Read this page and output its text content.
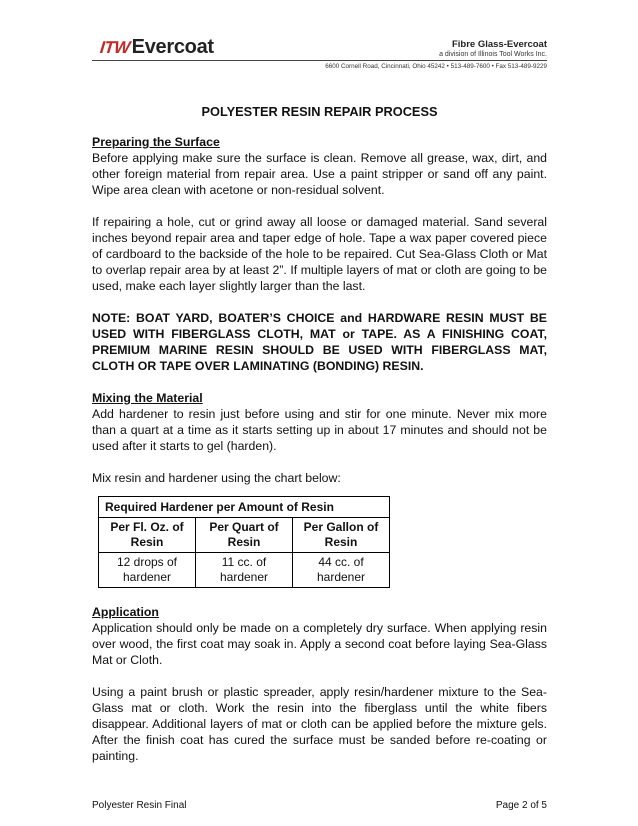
ITW Evercoat	Fibre Glass-Evercoat
a division of Illinois Tool Works Inc.
6600 Cornell Road, Cincinnati, Ohio 45242 • 513-489-7600 • Fax 513-489-9229
POLYESTER RESIN REPAIR PROCESS
Preparing the Surface

Before applying make sure the surface is clean. Remove all grease, wax, dirt, and other foreign material from repair area. Use a paint stripper or sand off any paint. Wipe area clean with acetone or non-residual solvent.

If repairing a hole, cut or grind away all loose or damaged material. Sand several inches beyond repair area and taper edge of hole. Tape a wax paper covered piece of cardboard to the backside of the hole to be repaired. Cut Sea-Glass Cloth or Mat to overlap repair area by at least 2”. If multiple layers of mat or cloth are going to be used, make each layer slightly larger than the last.

NOTE: BOAT YARD, BOATER’S CHOICE and HARDWARE RESIN MUST BE USED WITH FIBERGLASS CLOTH, MAT or TAPE. AS A FINISHING COAT, PREMIUM MARINE RESIN SHOULD BE USED WITH FIBERGLASS MAT, CLOTH OR TAPE OVER LAMINATING (BONDING) RESIN.
Mixing the Material

Add hardener to resin just before using and stir for one minute. Never mix more than a quart at a time as it starts setting up in about 17 minutes and should not be used after it starts to gel (harden).

Mix resin and hardener using the chart below:

Required Hardener per Amount of Resin		
Per Fl. Oz. of Resin	Per Quart of Resin	Per Gallon of Resin
12 drops of hardener	11 cc. of hardener	44 cc. of hardener
Application

Application should only be made on a completely dry surface. When applying resin over wood, the first coat may soak in. Apply a second coat before laying Sea-Glass Mat or Cloth.

Using a paint brush or plastic spreader, apply resin/hardener mixture to the Sea-Glass mat or cloth. Work the resin into the fiberglass until the white fibers disappear. Additional layers of mat or cloth can be applied before the mixture gels. After the finish coat has cured the surface must be sanded before re-coating or painting.

Polyester Resin Final	Page 2 of 5
